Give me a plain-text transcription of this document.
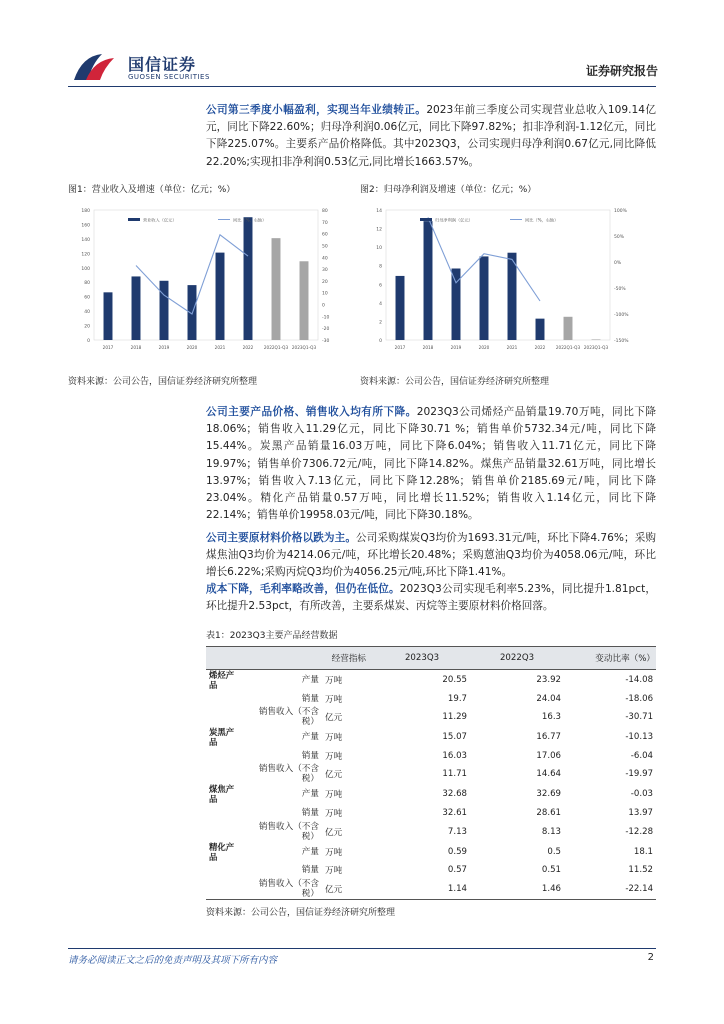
国信证券
GUOSEN SECURITIES	证券研究报告
公司第三季度小幅盈利，实现当年业绩转正。2023年前三季度公司实现营业总收入109.14亿元，同比下降22.60%；归母净利润0.06亿元，同比下降97.82%；扣非净利润-1.12亿元，同比下降225.07%。主要系产品价格降低。其中2023Q3，公司实现归母净利润0.67亿元,同比降低22.20%;实现扣非净利润0.53亿元,同比增长1663.57%。
图1：营业收入及增速（单位：亿元；%）
0
20
40
60
80
100
120
140
160
180
-30
-20
-10
0
10
20
30
40
50
60
70
80
2017	2018	2019	2020	2021	2022	2022Q1-Q3 2023Q1-Q3
营业收入（亿元）	同比（%，右轴）
资料来源：公司公告，国信证券经济研究所整理
图2：归母净利润及增速（单位：亿元；%）
0
2
4
6
8
10
12
14
-150%
-100%
-50%
0%
50%
100%
2017	2018	2019	2020	2021	2022	2022Q1-Q3 2023Q1-Q3
归母净利润（亿元）	同比（%，右轴）
资料来源：公司公告，国信证券经济研究所整理
公司主要产品价格、销售收入均有所下降。2023Q3公司烯烃产品销量19.70万吨，同比下降18.06%；销售收入11.29亿元，同比下降30.71 %；销售单价5732.34元/吨，同比下降15.44%。炭黑产品销量16.03万吨，同比下降6.04%；销售收入11.71亿元，同比下降19.97%；销售单价7306.72元/吨，同比下降14.82%。煤焦产品销量32.61万吨，同比增长13.97%；销售收入7.13亿元，同比下降12.28%；销售单价2185.69元/吨，同比下降23.04%。精化产品销量0.57万吨，同比增长11.52%；销售收入1.14亿元，同比下降22.14%；销售单价19958.03元/吨，同比下降30.18%。
公司主要原材料价格以跌为主。公司采购煤炭Q3均价为1693.31元/吨，环比下降4.76%；采购煤焦油Q3均价为4214.06元/吨，环比增长20.48%；采购蒽油Q3均价为4058.06元/吨，环比增长6.22%;采购丙烷Q3均价为4056.25元/吨,环比下降1.41%。
成本下降，毛利率略改善，但仍在低位。2023Q3公司实现毛利率5.23%，同比提升1.81pct，环比提升2.53pct，有所改善，主要系煤炭、丙烷等主要原材料价格回落。
表1：2023Q3主要产品经营数据
经营指标			2023Q3	2022Q3	变动比率（%）
烯烃产品	产量	万吨	20.55	23.92	-14.08
	销量	万吨	19.7	24.04	-18.06
	销售收入（不含税）	亿元	11.29	16.3	-30.71
炭黑产品	产量	万吨	15.07	16.77	-10.13
	销量	万吨	16.03	17.06	-6.04
	销售收入（不含税）	亿元	11.71	14.64	-19.97
煤焦产品	产量	万吨	32.68	32.69	-0.03
	销量	万吨	32.61	28.61	13.97
	销售收入（不含税）	亿元	7.13	8.13	-12.28
精化产品	产量	万吨	0.59	0.5	18.1
	销量	万吨	0.57	0.51	11.52
	销售收入（不含税）	亿元	1.14	1.46	-22.14
资料来源：公司公告，国信证券经济研究所整理
请务必阅读正文之后的免责声明及其项下所有内容	2
